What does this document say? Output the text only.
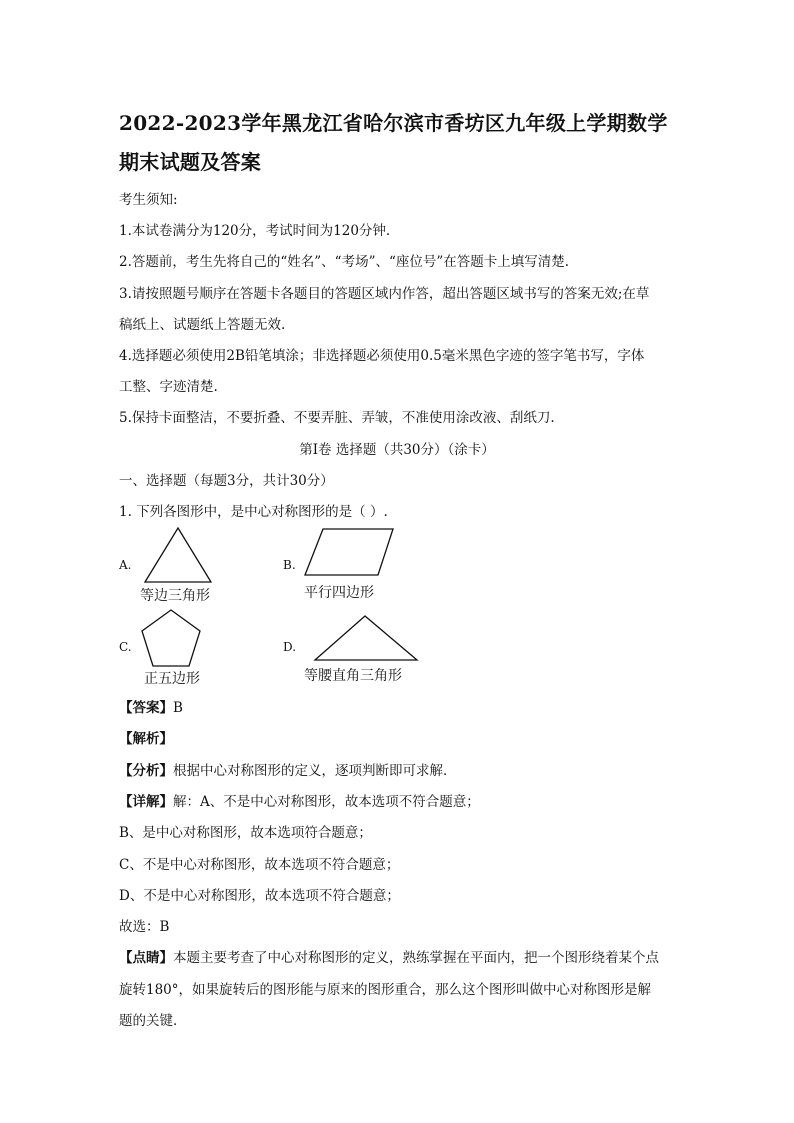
2022-2023学年黑龙江省哈尔滨市香坊区九年级上学期数学
期末试题及答案
考生须知:
1.本试卷满分为120分，考试时间为120分钟.
2.答题前，考生先将自己的“姓名”、“考场”、“座位号”在答题卡上填写清楚.
3.请按照题号顺序在答题卡各题目的答题区域内作答，超出答题区域书写的答案无效;在草
稿纸上、试题纸上答题无效.
4.选择题必须使用2B铅笔填涂；非选择题必须使用0.5毫米黑色字迹的签字笔书写，字体
工整、字迹清楚.
5.保持卡面整洁，不要折叠、不要弄脏、弄皱，不准使用涂改液、刮纸刀.
第Ⅰ卷 选择题（共30分）（涂卡）
一、选择题（每题3分，共计30分）
1. 下列各图形中，是中心对称图形的是（ ）.
A.
等边三角形
B.
平行四边形
C.
正五边形
D.
等腰直角三角形
【答案】B
【解析】
【分析】根据中心对称图形的定义，逐项判断即可求解．
【详解】解：A、不是中心对称图形，故本选项不符合题意；
B、是中心对称图形，故本选项符合题意；
C、不是中心对称图形，故本选项不符合题意；
D、不是中心对称图形，故本选项不符合题意；
故选：B
【点睛】本题主要考查了中心对称图形的定义，熟练掌握在平面内，把一个图形绕着某个点
旋转180°，如果旋转后的图形能与原来的图形重合，那么这个图形叫做中心对称图形是解
题的关键．
